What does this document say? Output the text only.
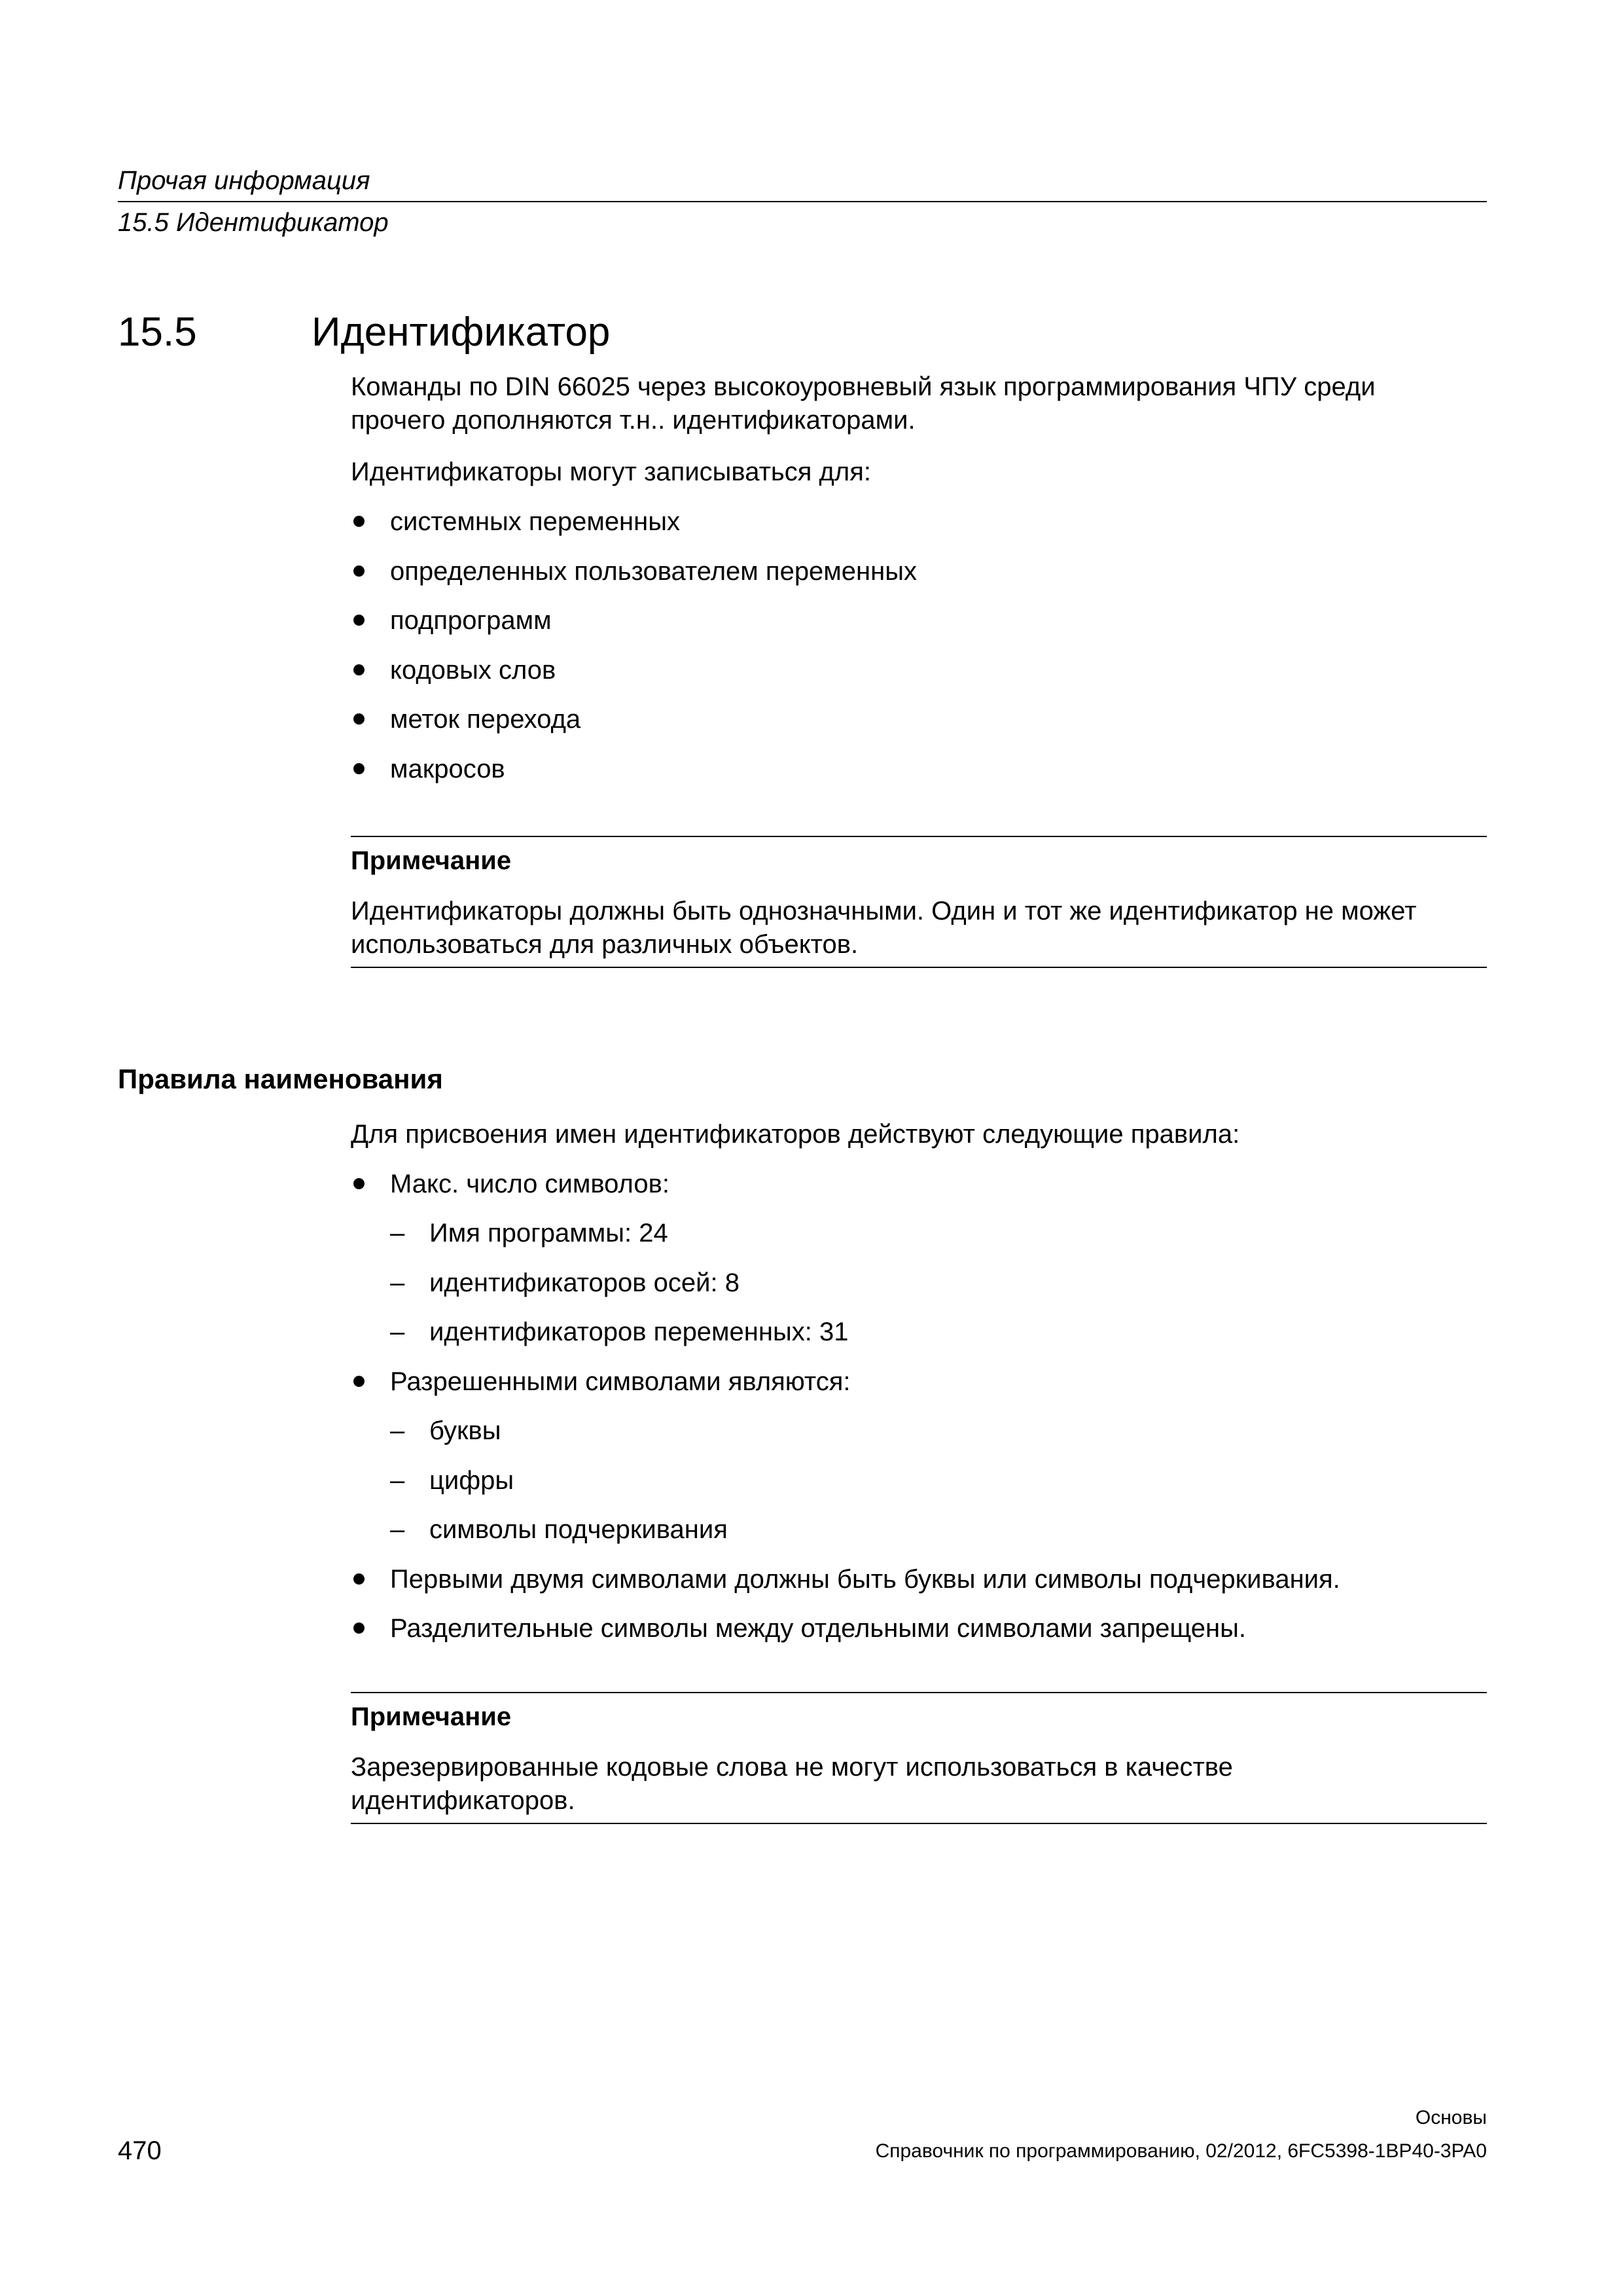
Прочая информация
15.5 Идентификатор
15.5	Идентификатор

Команды по DIN 66025 через высокоуровневый язык программирования ЧПУ среди

прочего дополняются т.н.. идентификаторами.

Идентификаторы могут записываться для:

системных переменных
определенных пользователем переменных
подпрограмм
кодовых слов
меток перехода
макросов
Примечание
Идентификаторы должны быть однозначными. Один и тот же идентификатор не может
использоваться для различных объектов.
Правила наименования

Для присвоения имен идентификаторов действуют следующие правила:

Макс. число символов:
– Имя программы: 24
– идентификаторов осей: 8
– идентификаторов переменных: 31
Разрешенными символами являются:
– буквы
– цифры
– символы подчеркивания
Первыми двумя символами должны быть буквы или символы подчеркивания.
Разделительные символы между отдельными символами запрещены.
Примечание
Зарезервированные кодовые слова не могут использоваться в качестве
идентификаторов.
Основы
470	Справочник по программированию, 02/2012, 6FC5398-1BP40-3PA0
